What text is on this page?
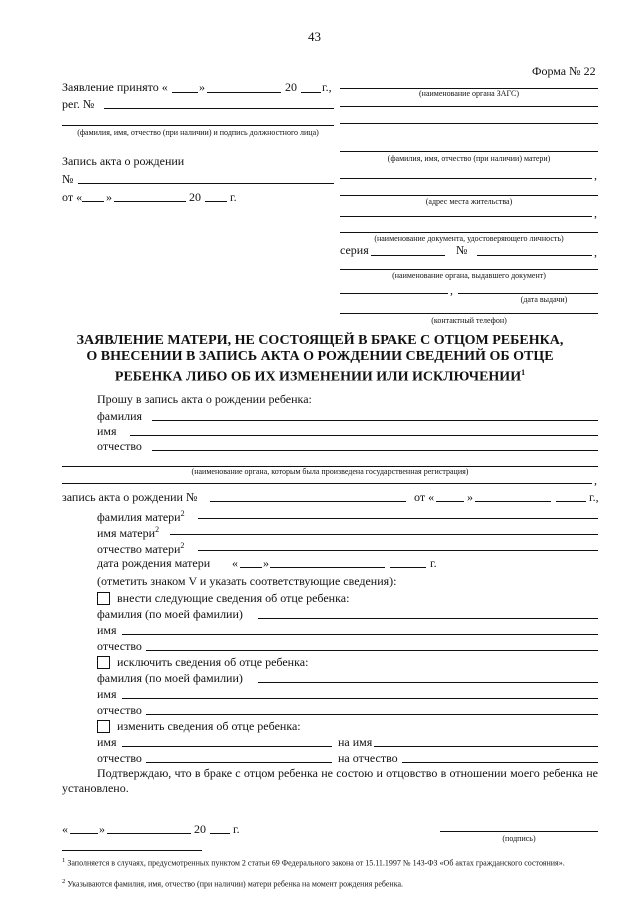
43
Форма № 22
Заявление принято «	»	20 г.,
рег. №
(фамилия, имя, отчество (при наличии) и подпись должностного лица)
Запись акта о рождении
№
от « »	20 г.
(наименование органа ЗАГС)
(фамилия, имя, отчество (при наличии) матери)
,
(адрес места жительства)
,
(наименование документа, удостоверяющего личность)
серия	№	,
(наименование органа, выдавшего документ)
,
(дата выдачи)
(контактный телефон)
ЗАЯВЛЕНИЕ МАТЕРИ, НЕ СОСТОЯЩЕЙ В БРАКЕ С ОТЦОМ РЕБЕНКА,
О ВНЕСЕНИИ В ЗАПИСЬ АКТА О РОЖДЕНИИ СВЕДЕНИЙ ОБ ОТЦЕ
РЕБЕНКА ЛИБО ОБ ИХ ИЗМЕНЕНИИ ИЛИ ИСКЛЮЧЕНИИ$^1$
Прошу в запись акта о рождении ребенка:
фамилия
имя
отчество
(наименование органа, которым была произведена государственная регистрация)
,
запись акта о рождении №	от «	»	г.,
фамилия матери$^2$
имя матери$^2$
отчество матери$^2$
дата рождения матери « »	г.
(отметить знаком V и указать соответствующие сведения):
внести следующие сведения об отце ребенка:
фамилия (по моей фамилии)
имя
отчество
исключить сведения об отце ребенка:
фамилия (по моей фамилии)
имя
отчество
изменить сведения об отце ребенка:
имя	на имя
отчество	на отчество
Подтверждаю, что в браке с отцом ребенка не состою и отцовство в отношении моего ребенка не установлено.
«	»	20 г.
(подпись)
$^1$ Заполняется в случаях, предусмотренных пунктом 2 статьи 69 Федерального закона от 15.11.1997 № 143-ФЗ «Об актах гражданского состояния».
$^2$ Указываются фамилия, имя, отчество (при наличии) матери ребенка на момент рождения ребенка.
